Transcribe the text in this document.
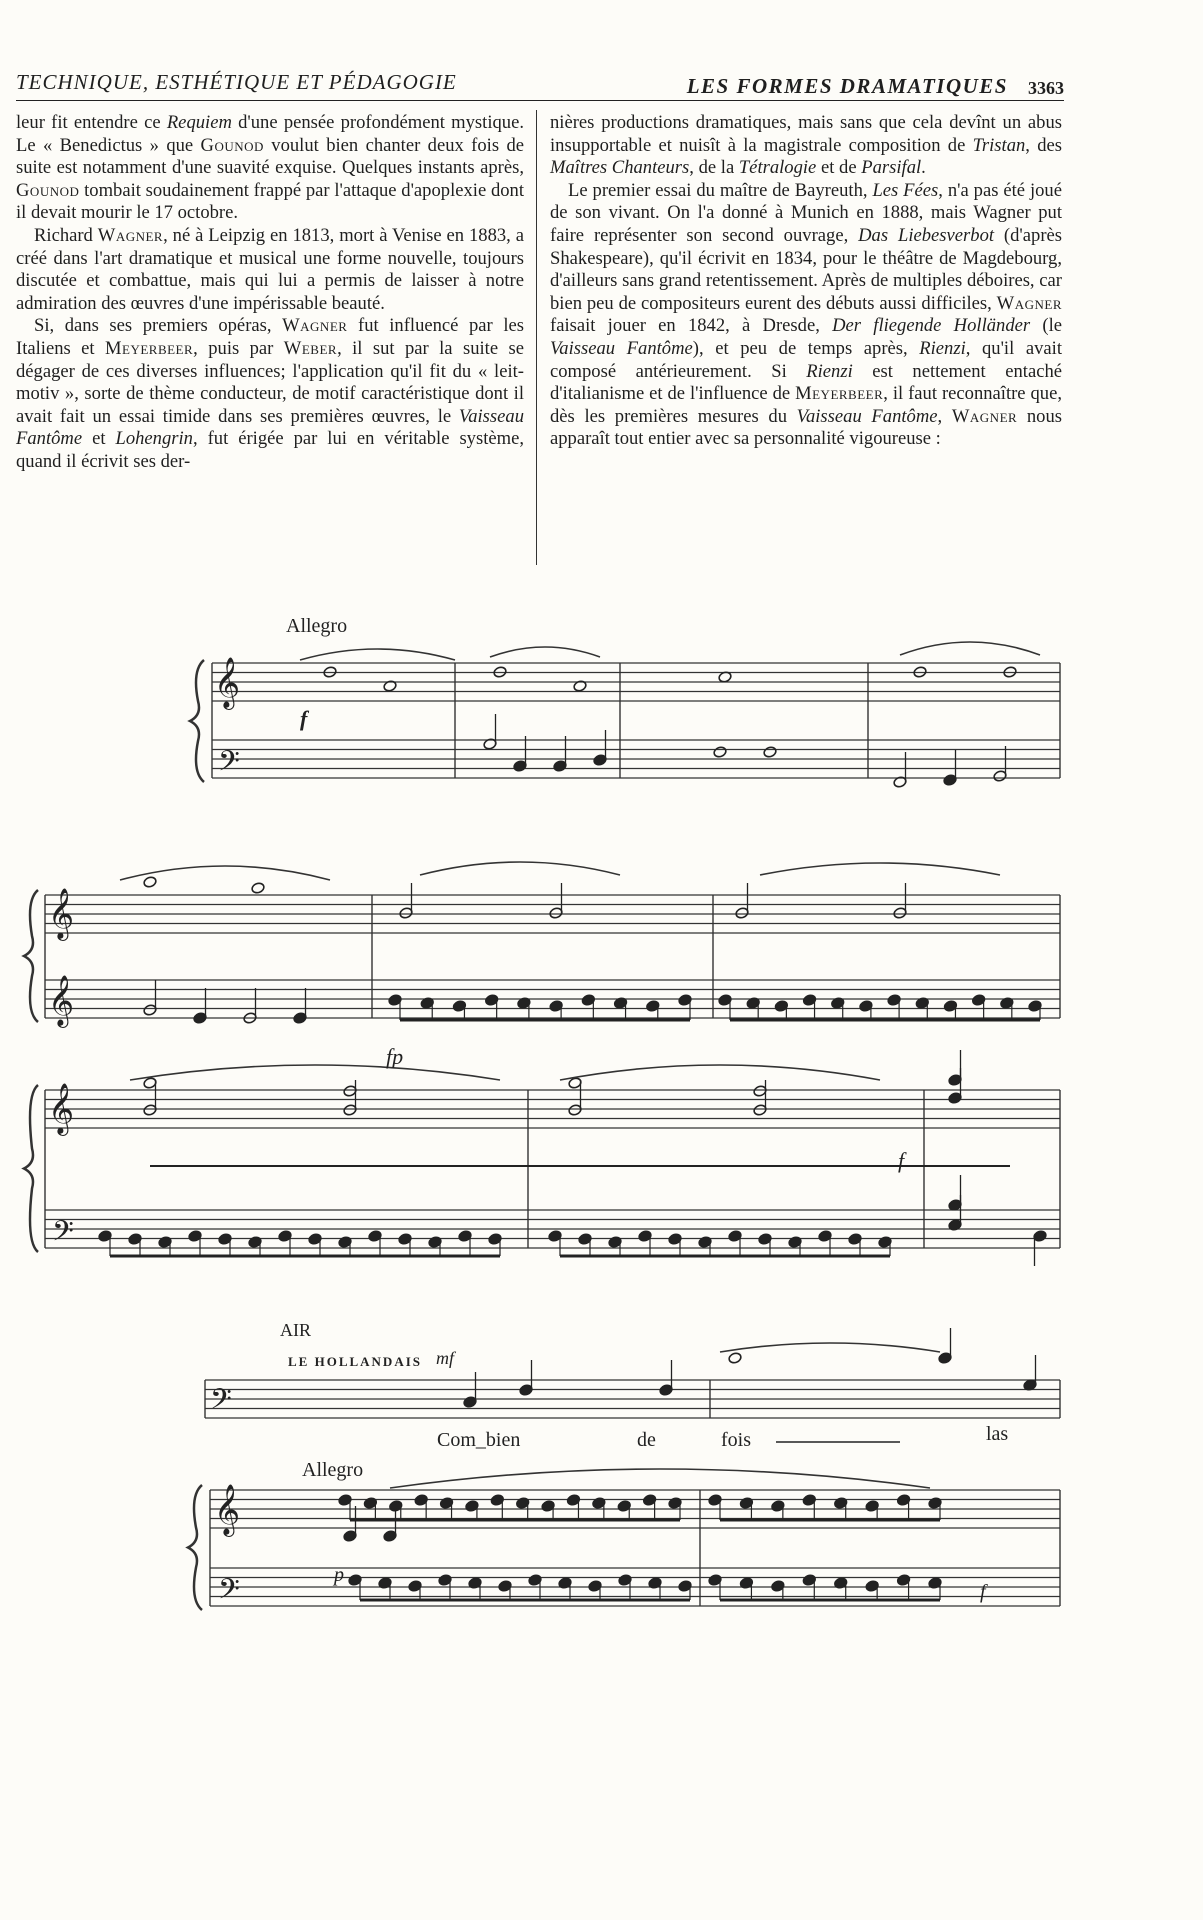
TECHNIQUE, ESTHÉTIQUE ET PÉDAGOGIE	LES FORMES DRAMATIQUES 3363

leur fit entendre ce Requiem d'une pensée profondément mystique. Le « Benedictus » que Gounod voulut bien chanter deux fois de suite est notamment d'une suavité exquise. Quelques instants après, Gounod tombait soudainement frappé par l'attaque d'apoplexie dont il devait mourir le 17 octobre.

Richard Wagner, né à Leipzig en 1813, mort à Venise en 1883, a créé dans l'art dramatique et musical une forme nouvelle, toujours discutée et combattue, mais qui lui a permis de laisser à notre admiration des œuvres d'une impérissable beauté.

Si, dans ses premiers opéras, Wagner fut influencé par les Italiens et Meyerbeer, puis par Weber, il sut par la suite se dégager de ces diverses influences; l'application qu'il fit du « leit-motiv », sorte de thème conducteur, de motif caractéristique dont il avait fait un essai timide dans ses premières œuvres, le Vaisseau Fantôme et Lohengrin, fut érigée par lui en véritable système, quand il écrivit ses der-

nières productions dramatiques, mais sans que cela devînt un abus insupportable et nuisît à la magistrale composition de Tristan, des Maîtres Chanteurs, de la Tétralogie et de Parsifal.

Le premier essai du maître de Bayreuth, Les Fées, n'a pas été joué de son vivant. On l'a donné à Munich en 1888, mais Wagner put faire représenter son second ouvrage, Das Liebesverbot (d'après Shakespeare), qu'il écrivit en 1834, pour le théâtre de Magdebourg, d'ailleurs sans grand retentissement. Après de multiples déboires, car bien peu de compositeurs eurent des débuts aussi difficiles, Wagner faisait jouer en 1842, à Dresde, Der fliegende Holländer (le Vaisseau Fantôme), et peu de temps après, Rienzi, qu'il avait composé antérieurement. Si Rienzi est nettement entaché d'italianisme et de l'influence de Meyerbeer, il faut reconnaître que, dès les premières mesures du Vaisseau Fantôme, Wagner nous apparaît tout entier avec sa personnalité vigoureuse :

𝄞
𝄢
𝄞
𝄞
𝄞
𝄢
𝄢
𝄞
𝄢
Allegro
f
fp
f
AIR
LE HOLLANDAIS mf
Com_bien	de	fois	las
Allegro
p
f
